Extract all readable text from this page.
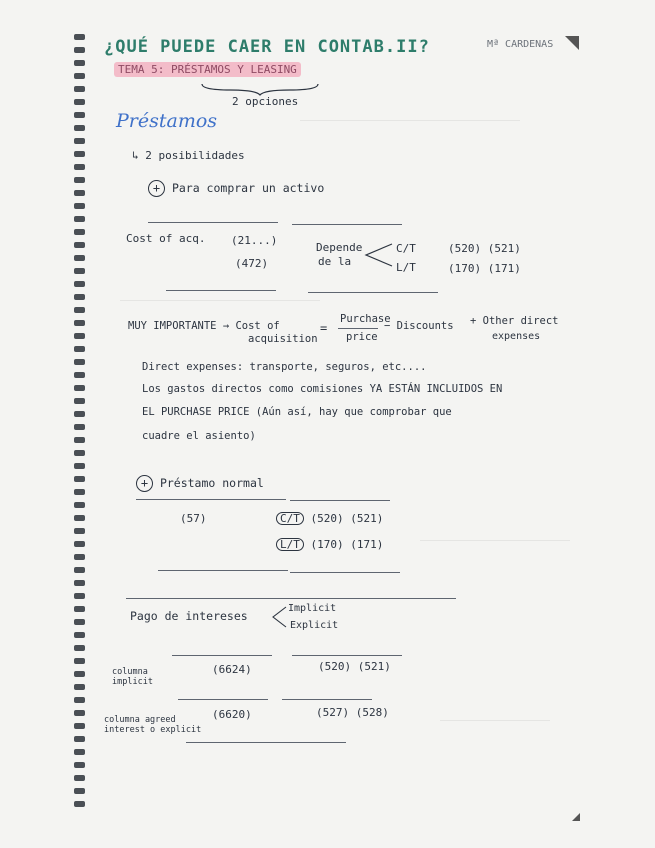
¿QUÉ PUEDE CAER EN CONTAB.II?	Mª CARDENAS
TEMA 5: PRÉSTAMOS Y LEASING
2 opciones
Préstamos
↳ 2 posibilidades
+ Para comprar un activo
Cost of acq. (21...)
(472)
Depende
de la
C/T
L/T
(520) (521)
(170) (171)
MUY IMPORTANTE → Cost of
acquisition
=
Purchase
price
− Discounts + Other direct
expenses
Direct expenses: transporte, seguros, etc....
Los gastos directos como comisiones YA ESTÁN INCLUIDOS EN
EL PURCHASE PRICE (Aún así, hay que comprobar que
cuadre el asiento)
+ Préstamo normal
(57)	C/T (520) (521)
L/T (170) (171)
Pago de intereses
Implicit
Explicit
columna
implicit
(6624)	(520) (521)
columna agreed
interest o explicit
(6620)	(527) (528)
